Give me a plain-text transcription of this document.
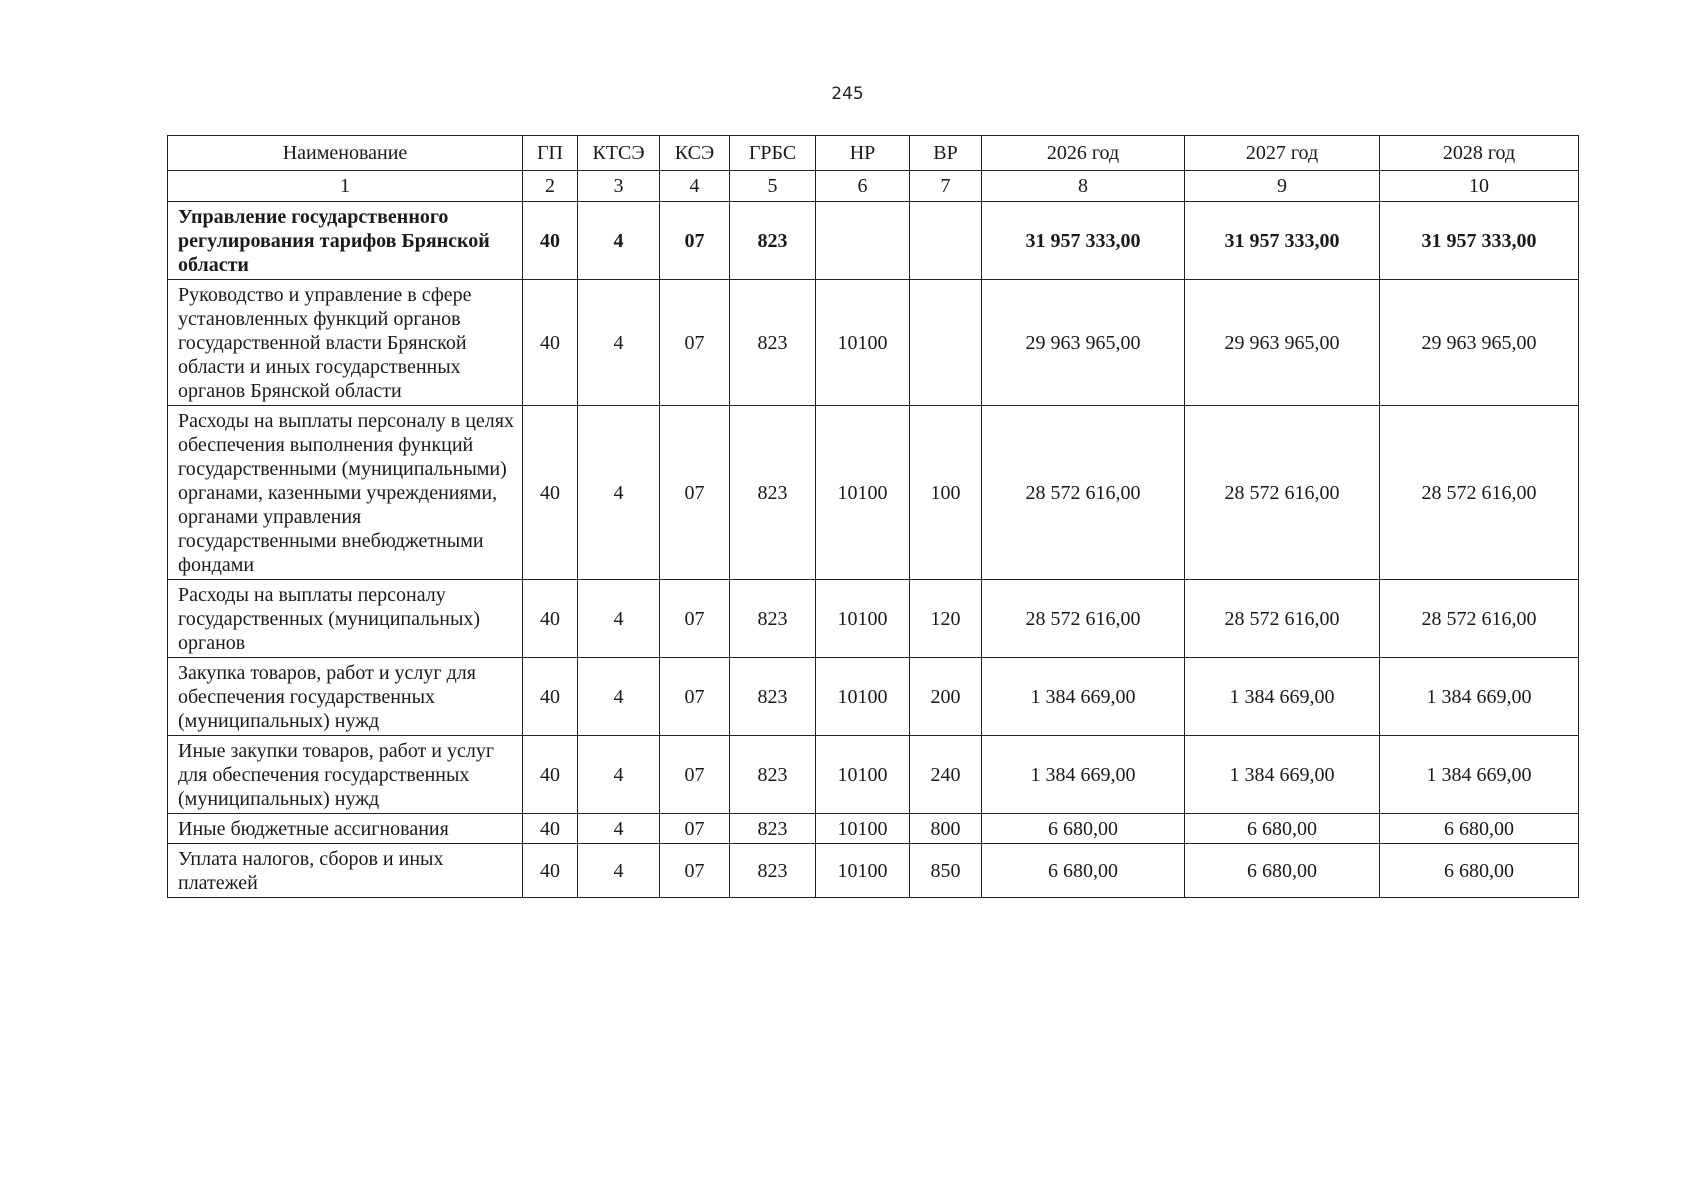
245
Наименование	ГП	КТСЭ	КСЭ	ГРБС	НР	ВР	2026 год	2027 год	2028 год
1	2	3	4	5	6	7	8	9	10
Управление государственного регулирования тарифов Брянской области	40	4	07	823			31 957 333,00	31 957 333,00	31 957 333,00
Руководство и управление в сфере установленных функций органов государственной власти Брянской области и иных государственных органов Брянской области	40	4	07	823	10100		29 963 965,00	29 963 965,00	29 963 965,00
Расходы на выплаты персоналу в целях обеспечения выполнения функций государственными (муниципальными) органами, казенными учреждениями, органами управления государственными внебюджетными фондами	40	4	07	823	10100	100	28 572 616,00	28 572 616,00	28 572 616,00
Расходы на выплаты персоналу государственных (муниципальных) органов	40	4	07	823	10100	120	28 572 616,00	28 572 616,00	28 572 616,00
Закупка товаров, работ и услуг для обеспечения государственных (муниципальных) нужд	40	4	07	823	10100	200	1 384 669,00	1 384 669,00	1 384 669,00
Иные закупки товаров, работ и услуг для обеспечения государственных (муниципальных) нужд	40	4	07	823	10100	240	1 384 669,00	1 384 669,00	1 384 669,00
Иные бюджетные ассигнования	40	4	07	823	10100	800	6 680,00	6 680,00	6 680,00
Уплата налогов, сборов и иных платежей	40	4	07	823	10100	850	6 680,00	6 680,00	6 680,00
